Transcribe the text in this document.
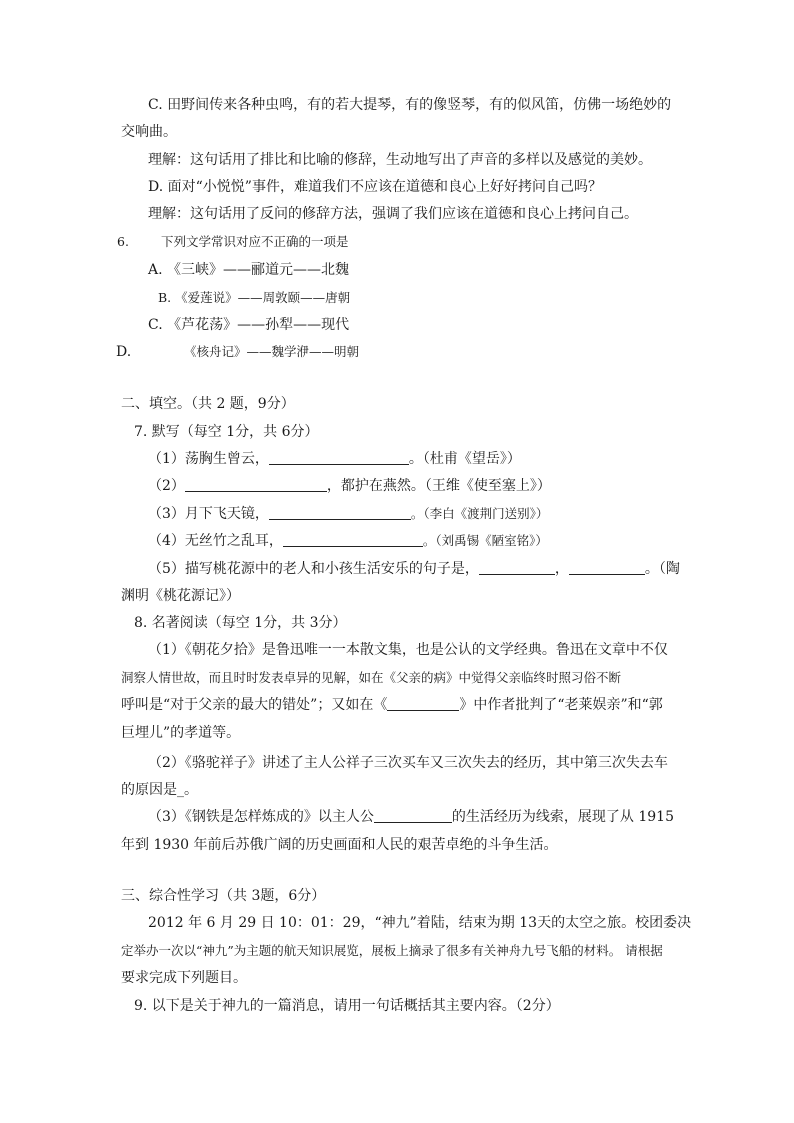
C. 田野间传来各种虫鸣，有的若大提琴，有的像竖琴，有的似风笛，仿佛一场绝妙的
交响曲。
理解：这句话用了排比和比喻的修辞，生动地写出了声音的多样以及感觉的美妙。
D. 面对“小悦悦”事件，难道我们不应该在道德和良心上好好拷问自己吗？
理解：这句话用了反问的修辞方法，强调了我们应该在道德和良心上拷问自己。
6.	下列文学常识对应不正确的一项是
A. 《三峡》——郦道元——北魏
B. 《爱莲说》——周敦颐——唐朝
C. 《芦花荡》——孙犁——现代
D.	《核舟记》——魏学洢——明朝
二、填空。（共 2 题，9分）
7. 默写（每空 1分，共 6分）
（1）荡胸生曾云，	。（杜甫《望岳》）
（2）	，都护在燕然。（王维《使至塞上》）
（3）月下飞天镜，	。（李白《渡荆门送别》）
（4）无丝竹之乱耳，	。（刘禹锡《陋室铭》）
（5）描写桃花源中的老人和小孩生活安乐的句子是，	，	。（陶
渊明《桃花源记》）
8. 名著阅读（每空 1分，共 3分）
（1）《朝花夕拾》是鲁迅唯一一本散文集，也是公认的文学经典。鲁迅在文章中不仅
洞察人情世故，而且时时发表卓异的见解，如在《父亲的病》中觉得父亲临终时照习俗不断
呼叫是“对于父亲的最大的错处”；又如在《	》中作者批判了“老莱娱亲”和“郭
巨埋儿”的孝道等。
（2）《骆驼祥子》讲述了主人公祥子三次买车又三次失去的经历，其中第三次失去车
的原因是_。
（3）《钢铁是怎样炼成的》以主人公	的生活经历为线索，展现了从 1915
年到 1930 年前后苏俄广阔的历史画面和人民的艰苦卓绝的斗争生活。
三、综合性学习（共 3题，6分）
2012 年 6 月 29 日 10：01：29，“神九”着陆，结束为期 13天的太空之旅。校团委决
定举办一次以“神九”为主题的航天知识展览，展板上摘录了很多有关神舟九号飞船的材料。 请根据
要求完成下列题目。
9. 以下是关于神九的一篇消息，请用一句话概括其主要内容。（2分）
